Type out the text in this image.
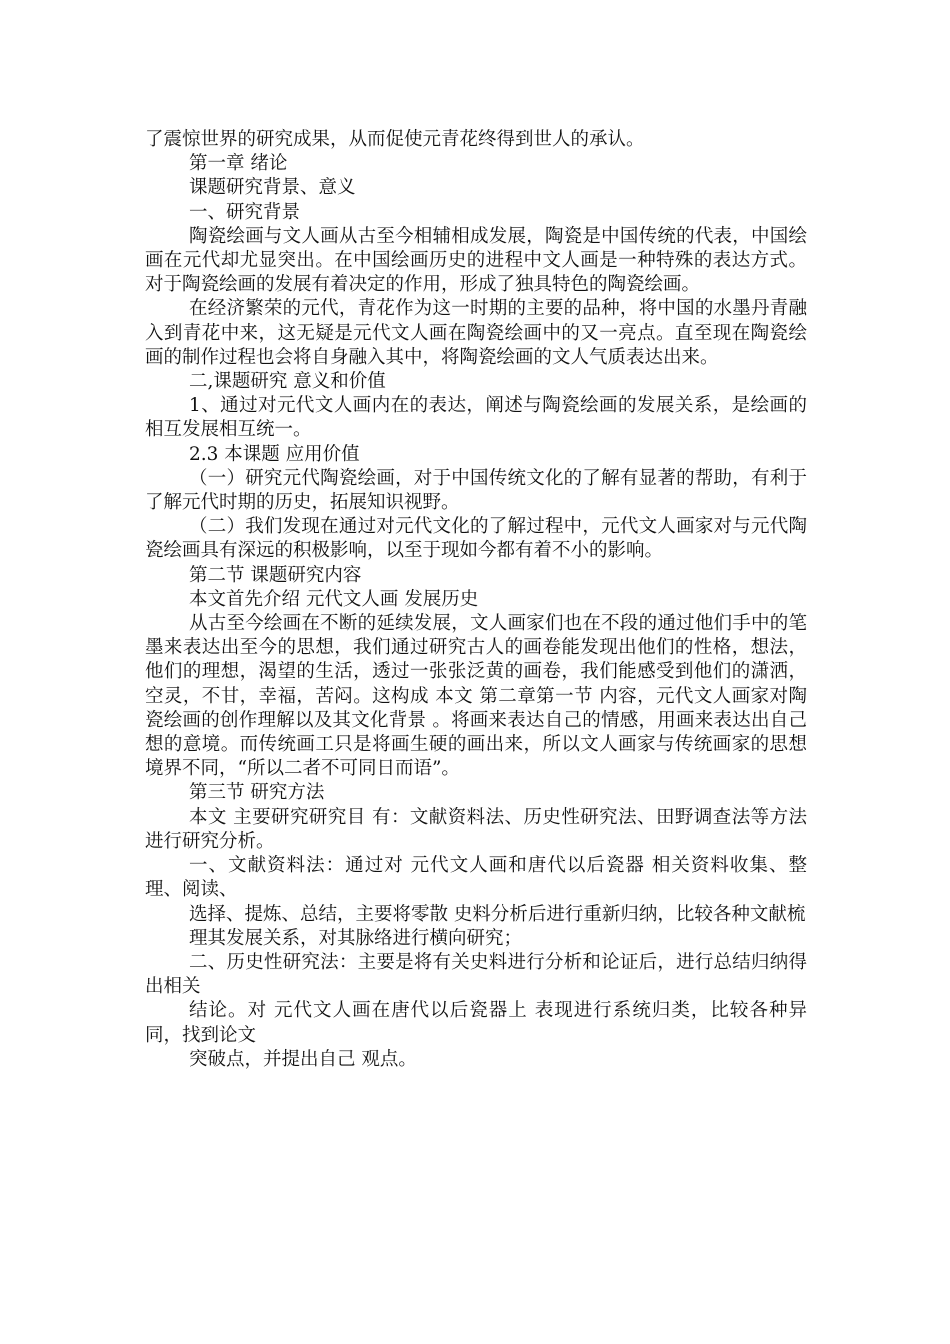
了震惊世界的研究成果，从而促使元青花终得到世人的承认。

第一章 绪论

课题研究背景、意义

一、研究背景

陶瓷绘画与文人画从古至今相辅相成发展，陶瓷是中国传统的代表，中国绘画在元代却尤显突出。在中国绘画历史的进程中文人画是一种特殊的表达方式。对于陶瓷绘画的发展有着决定的作用，形成了独具特色的陶瓷绘画。

在经济繁荣的元代，青花作为这一时期的主要的品种，将中国的水墨丹青融入到青花中来，这无疑是元代文人画在陶瓷绘画中的又一亮点。直至现在陶瓷绘画的制作过程也会将自身融入其中，将陶瓷绘画的文人气质表达出来。

二,课题研究 意义和价值

1、通过对元代文人画内在的表达，阐述与陶瓷绘画的发展关系，是绘画的相互发展相互统一。

2.3 本课题 应用价值

（一）研究元代陶瓷绘画，对于中国传统文化的了解有显著的帮助，有利于了解元代时期的历史，拓展知识视野。

（二）我们发现在通过对元代文化的了解过程中，元代文人画家对与元代陶瓷绘画具有深远的积极影响，以至于现如今都有着不小的影响。

第二节 课题研究内容

本文首先介绍 元代文人画 发展历史

从古至今绘画在不断的延续发展，文人画家们也在不段的通过他们手中的笔墨来表达出至今的思想，我们通过研究古人的画卷能发现出他们的性格，想法，他们的理想，渴望的生活，透过一张张泛黄的画卷，我们能感受到他们的潇洒，空灵，不甘，幸福，苦闷。这构成 本文 第二章第一节 内容，元代文人画家对陶瓷绘画的创作理解以及其文化背景 。将画来表达自己的情感，用画来表达出自己想的意境。而传统画工只是将画生硬的画出来，所以文人画家与传统画家的思想境界不同，“所以二者不可同日而语”。

第三节 研究方法

本文 主要研究研究目 有：文献资料法、历史性研究法、田野调查法等方法进行研究分析。

一、文献资料法：通过对 元代文人画和唐代以后瓷器 相关资料收集、整理、阅读、

选择、提炼、总结，主要将零散 史料分析后进行重新归纳，比较各种文献梳

理其发展关系，对其脉络进行横向研究；

二、历史性研究法：主要是将有关史料进行分析和论证后，进行总结归纳得出相关

结论。对 元代文人画在唐代以后瓷器上 表现进行系统归类，比较各种异同，找到论文

突破点，并提出自己 观点。
